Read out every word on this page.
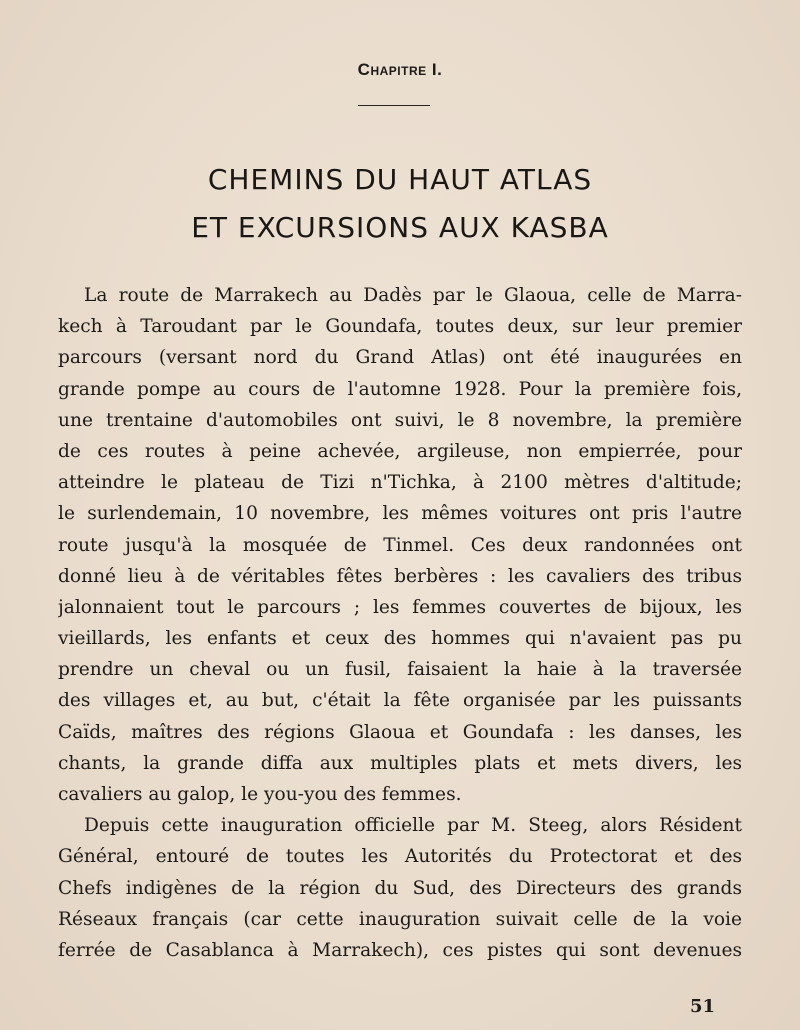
Chapitre I.
CHEMINS DU HAUT ATLAS
ET EXCURSIONS AUX KASBA
La route de Marrakech au Dadès par le Glaoua, celle de Marra-
kech à Taroudant par le Goundafa, toutes deux, sur leur premier
parcours (versant nord du Grand Atlas) ont été inaugurées en
grande pompe au cours de l'automne 1928. Pour la première fois,
une trentaine d'automobiles ont suivi, le 8 novembre, la première
de ces routes à peine achevée, argileuse, non empierrée, pour
atteindre le plateau de Tizi n'Tichka, à 2100 mètres d'altitude;
le surlendemain, 10 novembre, les mêmes voitures ont pris l'autre
route jusqu'à la mosquée de Tinmel. Ces deux randonnées ont
donné lieu à de véritables fêtes berbères : les cavaliers des tribus
jalonnaient tout le parcours ; les femmes couvertes de bijoux, les
vieillards, les enfants et ceux des hommes qui n'avaient pas pu
prendre un cheval ou un fusil, faisaient la haie à la traversée
des villages et, au but, c'était la fête organisée par les puissants
Caïds, maîtres des régions Glaoua et Goundafa : les danses, les
chants, la grande diffa aux multiples plats et mets divers, les
cavaliers au galop, le you-you des femmes.
Depuis cette inauguration officielle par M. Steeg, alors Résident
Général, entouré de toutes les Autorités du Protectorat et des
Chefs indigènes de la région du Sud, des Directeurs des grands
Réseaux français (car cette inauguration suivait celle de la voie
ferrée de Casablanca à Marrakech), ces pistes qui sont devenues
51
